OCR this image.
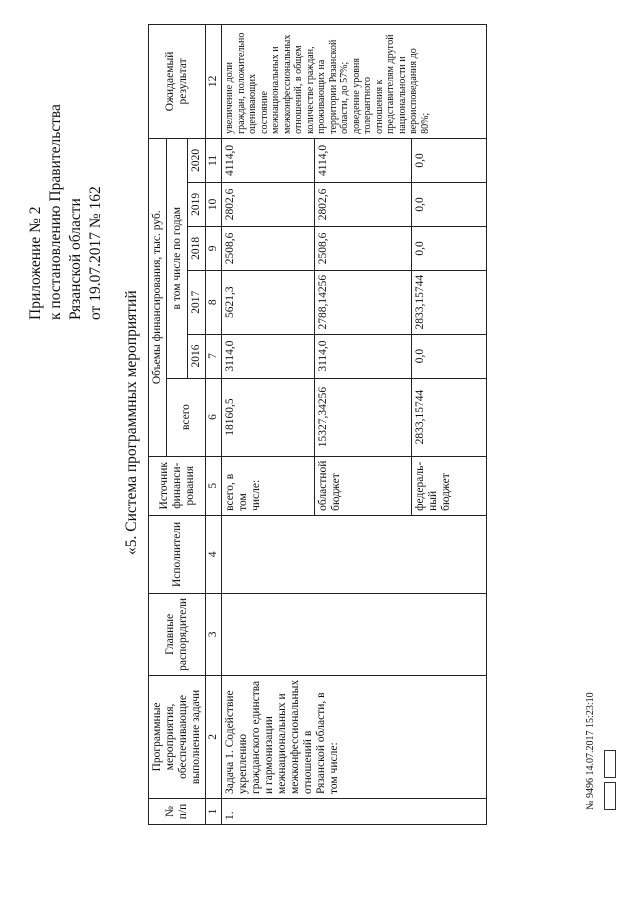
Приложение № 2 к постановлению Правительства Рязанской области от 19.07.2017 № 162
«5. Система программных мероприятий
№ п/п	Программные мероприятия, обеспечивающие выполнение задачи	Главные распорядители	Исполнители	Источник финанси-рования	Объемы финансирования, тыс. руб.						Ожидаемый результат
					всего	в том числе по годам					
						2016	2017	2018	2019	2020	
1	2	3	4	5	6	7	8	9	10	11	12
1.	Задача 1. Содействие укреплению гражданского единства и гармонизации межнациональных и межконфессиональных отношений в Рязанской области, в том числе:			всего, в том числе:	18160,5	3114,0	5621,3	2508,6	2802,6	4114,0	увеличение доли граждан, положительно оценивающих состояние межнациональных и межконфессиональных отношений, в общем количестве граждан, проживающих на территории Рязанской области, до 57%; доведение уровня толерантного отношения к представителям другой национальности и вероисповедания до 80%;
				областной бюджет	15327,34256	3114,0	2788,14256	2508,6	2802,6	4114,0	
				федераль-ный бюджет	2833,15744	0,0	2833,15744	0,0	0,0	0,0	
№ 9496 14.07.2017 15:23:10
